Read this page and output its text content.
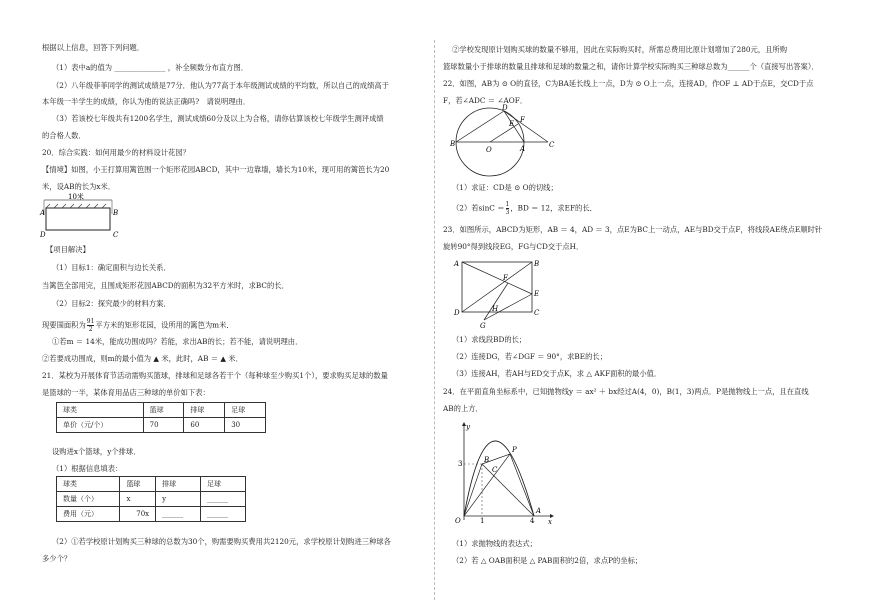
根据以上信息，回答下列问题．
（1）表中a的值为 ______________ ，补全频数分布直方图．
（2）八年级菲菲同学的测试成绩是77分．他认为77高于本年级测试成绩的平均数，所以自己的成绩高于
本年级一半学生的成绩，你认为他的说法正确吗?　请说明理由．
（3）若该校七年级共有1200名学生，测试成绩60分及以上为合格，请你估算该校七年级学生测评成绩
的合格人数．
20．综合实践：如何用最少的材料设计花园？
【情境】如图，小王打算用篱笆围一个矩形花园ABCD，其中一边靠墙，墙长为10米，现可用的篱笆长为20
米，设AB的长为x米．
10米
A	B
D	C
【项目解决】
（1）目标1：确定面积与边长关系．
当篱笆全部用完，且围成矩形花园ABCD的面积为32平方米时，求BC的长．
（2）目标2：探究最少的材料方案．
现要围面积为 $\frac{91}{2}$ 平方米的矩形花园，设所用的篱笆为m米．
①若m ＝ 14米，能成功围成吗？若能，求出AB的长；若不能，请说明理由．
②若要成功围成，则m的最小值为 ▲ 米，此时，AB ＝ ▲ 米．
21．某校为开展体育节活动需购买篮球，排球和足球各若干个（每种球至少购买1个），要求购买足球的数量
是篮球的一半，某体育用品店三种球的单价如下表：
球类	篮球	排球	足球
单价（元/个）	70	60	30
设购进x个篮球，y个排球．
（1）根据信息填表：
球类	篮球	排球	足球
数量（个）	x	y	______
费用（元）	70x	______	______
（2）①若学校原计划购买三种球的总数为30个，购需要购买费用共2120元，求学校原计划购进三种球各
多少个？
②学校发现原计划购买球的数量不够用，因此在实际购买时，所需总费用比原计划增加了280元，且所购
篮球数量小于排球的数量且排球和足球的数量之和，请你计算学校实际购买三种球总数为______个（直接写出答案）．
22．如图，AB为 ⊙ O的直径，C为BA延长线上一点，D为 ⊙ O上一点，连接AD，作OF ⊥ AD于点E，交CD于点
F，若∠ADC ＝ ∠AOF．
B
O	A	C
D
E F
（1）求证：CD是 ⊙ O的切线；
（2）若$\sin C = \frac{1}{3}$ ，BD ＝ 12，求EF的长．
23．如图所示，ABCD为矩形，AB ＝ 4，AD ＝ 3，点E为BC上一动点，AE与BD交于点F，将线段AE绕点E顺时针
旋转90°得到线段EG，FG与CD交于点H．
A	B
D	C
E
F
G
H
（1）求线段BD的长；
（2）连接DG，若∠DGF ＝ 90°，求BE的长；
（3）连接AH，若AH与ED交于点K，求 △ AKF面积的最小值．
24．在平面直角坐标系中，已知抛物线y ＝ ax² ＋ bx经过A(4，0)，B(1，3)两点．P是抛物线上一点，且在直线
AB的上方．
y
x
O
3
1	4
A
B
P
C
（1）求抛物线的表达式；
（2）若 △ OAB面积是 △ PAB面积的2倍，求点P的坐标；
